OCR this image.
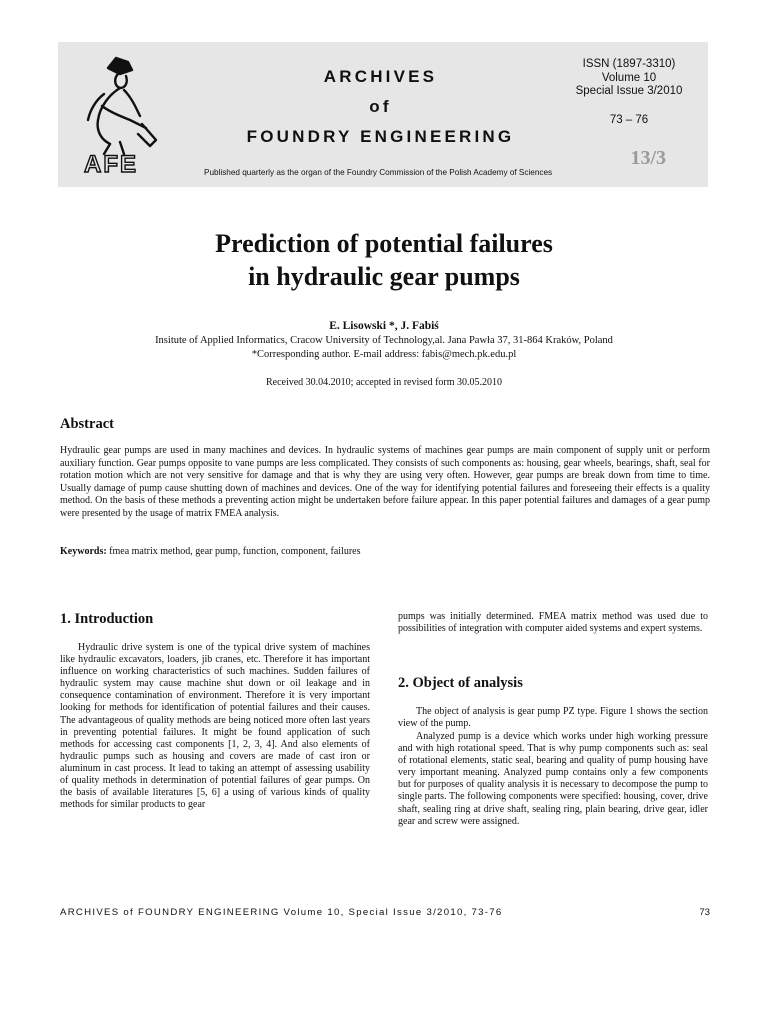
AFE
ARCHIVES
of
FOUNDRY ENGINEERING
ISSN (1897-3310)
Volume 10
Special Issue 3/2010
73 – 76
13/3
Published quarterly as the organ of the Foundry Commission of the Polish Academy of Sciences
Prediction of potential failures
in hydraulic gear pumps
E. Lisowski *, J. Fabiś
Insitute of Applied Informatics, Cracow University of Technology,al. Jana Pawła 37, 31-864 Kraków, Poland
*Corresponding author. E-mail address: fabis@mech.pk.edu.pl
Received 30.04.2010; accepted in revised form 30.05.2010
Abstract

Hydraulic gear pumps are used in many machines and devices. In hydraulic systems of machines gear pumps are main component of supply unit or perform auxiliary function. Gear pumps opposite to vane pumps are less complicated. They consists of such components as: housing, gear wheels, bearings, shaft, seal for rotation motion which are not very sensitive for damage and that is why they are using very often. However, gear pumps are break down from time to time. Usually damage of pump cause shutting down of machines and devices. One of the way for identifying potential failures and foreseeing their effects is a quality method. On the basis of these methods a preventing action might be undertaken before failure appear. In this paper potential failures and damages of a gear pump were presented by the usage of matrix FMEA analysis.

Keywords: fmea matrix method, gear pump, function, component, failures

1. Introduction

Hydraulic drive system is one of the typical drive system of machines like hydraulic excavators, loaders, jib cranes, etc. Therefore it has important influence on working characteristics of such machines. Sudden failures of hydraulic system may cause machine shut down or oil leakage and in consequence contamination of environment. Therefore it is very important looking for methods for identification of potential failures and their causes. The advantageous of quality methods are being noticed more often last years in preventing potential failures. It might be found application of such methods for accessing cast components [1, 2, 3, 4]. And also elements of hydraulic pumps such as housing and covers are made of cast iron or aluminum in cast process. It lead to taking an attempt of assessing usability of quality methods in determination of potential failures of gear pumps. On the basis of available literatures [5, 6] a using of various kinds of quality methods for similar products to gear

pumps was initially determined. FMEA matrix method was used due to possibilities of integration with computer aided systems and expert systems.

2. Object of analysis

The object of analysis is gear pump PZ type. Figure 1 shows the section view of the pump.

Analyzed pump is a device which works under high working pressure and with high rotational speed. That is why pump components such as: seal of rotational elements, static seal, bearing and quality of pump housing have very important meaning. Analyzed pump contains only a few components but for purposes of quality analysis it is necessary to decompose the pump to single parts. The following components were specified: housing, cover, drive shaft, sealing ring at drive shaft, sealing ring, plain bearing, drive gear, idler gear and screw were assigned.

ARCHIVES of FOUNDRY ENGINEERING Volume 10, Special Issue 3/2010, 73-76	73
